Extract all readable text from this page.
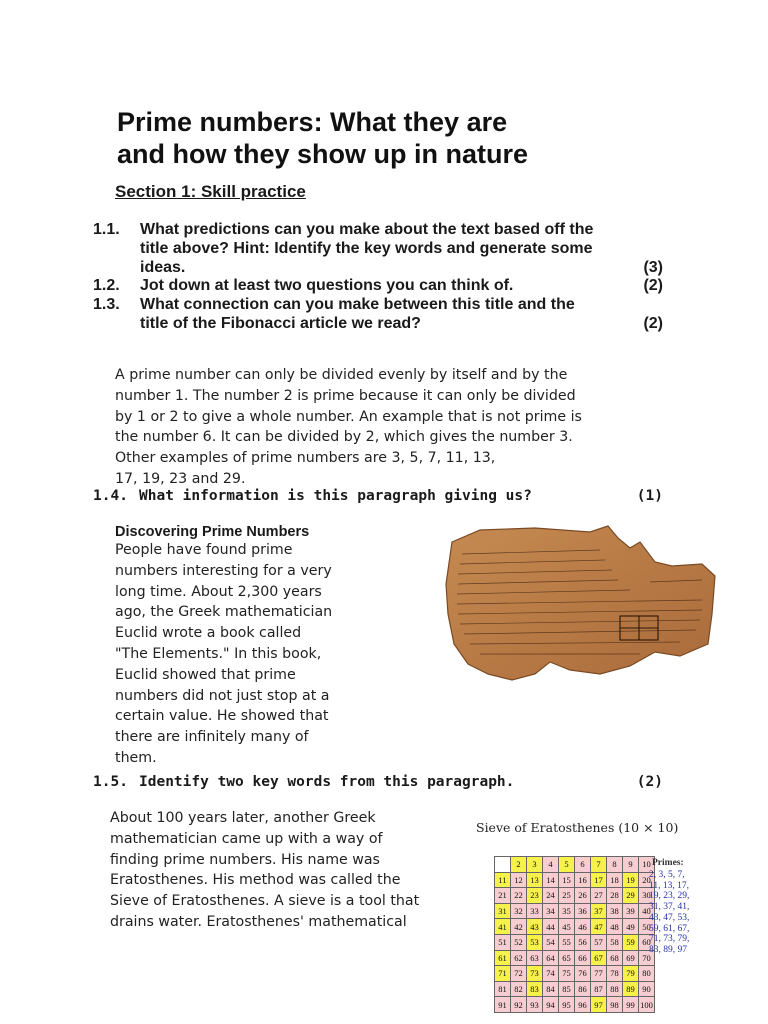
Prime numbers: What they are
and how they show up in nature
Section 1: Skill practice
1.1. What predictions can you make about the text based off the
title above? Hint: Identify the key words and generate some
ideas.	(3)
1.2. Jot down at least two questions you can think of.	(2)
1.3. What connection can you make between this title and the
title of the Fibonacci article we read?	(2)
A prime number can only be divided evenly by itself and by the
number 1. The number 2 is prime because it can only be divided
by 1 or 2 to give a whole number. An example that is not prime is
the number 6. It can be divided by 2, which gives the number 3.
Other examples of prime numbers are 3, 5, 7, 11, 13,
17, 19, 23 and 29.
1.4. What information is this paragraph giving us?	(1)
Discovering Prime Numbers
People have found prime
numbers interesting for a very
long time. About 2,300 years
ago, the Greek mathematician
Euclid wrote a book called
"The Elements." In this book,
Euclid showed that prime
numbers did not just stop at a
certain value. He showed that
there are infinitely many of
them.
1.5. Identify two key words from this paragraph.	(2)
About 100 years later, another Greek
mathematician came up with a way of
finding prime numbers. His name was
Eratosthenes. His method was called the
Sieve of Eratosthenes. A sieve is a tool that
drains water. Eratosthenes' mathematical
Sieve of Eratosthenes (10 × 10)
	2	3	4	5	6	7	8	9	10
11	12	13	14	15	16	17	18	19	20
21	22	23	24	25	26	27	28	29	30
31	32	33	34	35	36	37	38	39	40
41	42	43	44	45	46	47	48	49	50
51	52	53	54	55	56	57	58	59	60
61	62	63	64	65	66	67	68	69	70
71	72	73	74	75	76	77	78	79	80
81	82	83	84	85	86	87	88	89	90
91	92	93	94	95	96	97	98	99	100
Primes:
2, 3, 5, 7,
11, 13, 17,
19, 23, 29,
31, 37, 41,
43, 47, 53,
59, 61, 67,
71, 73, 79,
83, 89, 97
